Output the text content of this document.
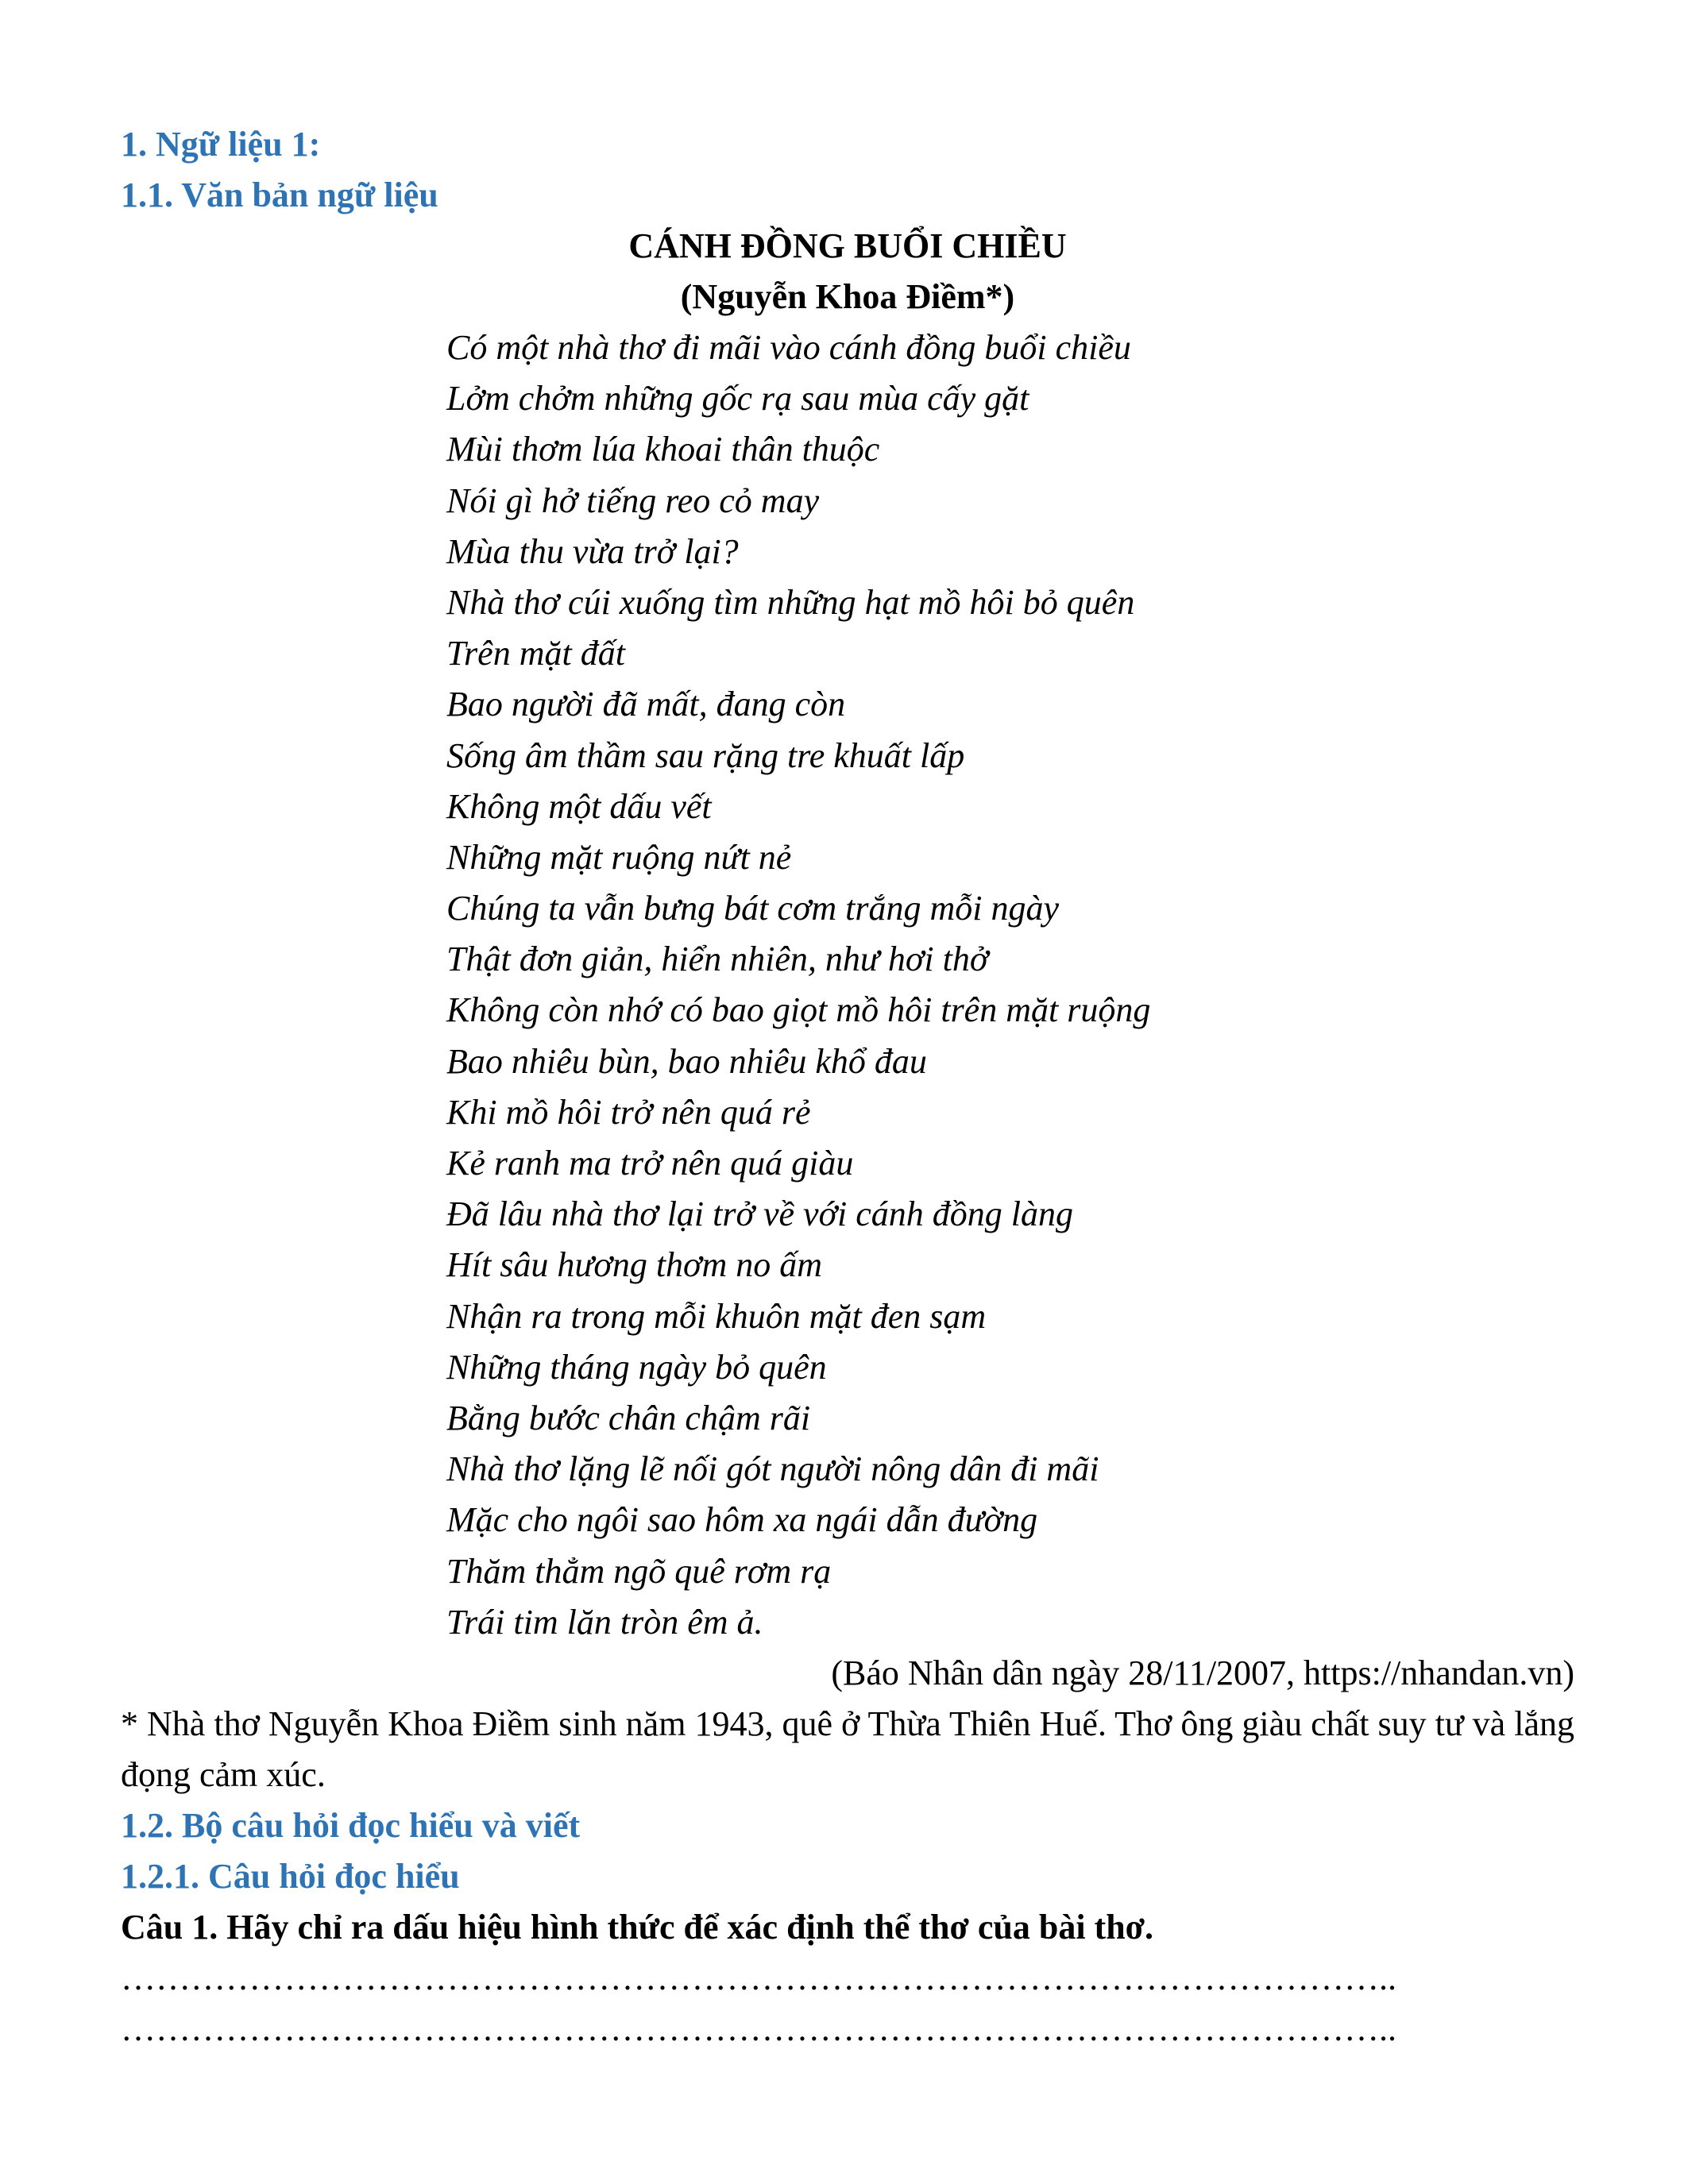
1. Ngữ liệu 1:
1.1. Văn bản ngữ liệu
CÁNH ĐỒNG BUỔI CHIỀU
(Nguyễn Khoa Điềm*)
Có một nhà thơ đi mãi vào cánh đồng buổi chiều
Lởm chởm những gốc rạ sau mùa cấy gặt
Mùi thơm lúa khoai thân thuộc
Nói gì hở tiếng reo cỏ may
Mùa thu vừa trở lại?
Nhà thơ cúi xuống tìm những hạt mồ hôi bỏ quên
Trên mặt đất
Bao người đã mất, đang còn
Sống âm thầm sau rặng tre khuất lấp
Không một dấu vết
Những mặt ruộng nứt nẻ
Chúng ta vẫn bưng bát cơm trắng mỗi ngày
Thật đơn giản, hiển nhiên, như hơi thở
Không còn nhớ có bao giọt mồ hôi trên mặt ruộng
Bao nhiêu bùn, bao nhiêu khổ đau
Khi mồ hôi trở nên quá rẻ
Kẻ ranh ma trở nên quá giàu
Đã lâu nhà thơ lại trở về với cánh đồng làng
Hít sâu hương thơm no ấm
Nhận ra trong mỗi khuôn mặt đen sạm
Những tháng ngày bỏ quên
Bằng bước chân chậm rãi
Nhà thơ lặng lẽ nối gót người nông dân đi mãi
Mặc cho ngôi sao hôm xa ngái dẫn đường
Thăm thẳm ngõ quê rơm rạ
Trái tim lăn tròn êm ả.
(Báo Nhân dân ngày 28/11/2007, https://nhandan.vn)
* Nhà thơ Nguyễn Khoa Điềm sinh năm 1943, quê ở Thừa Thiên Huế. Thơ ông giàu chất suy tư và lắng đọng cảm xúc.
1.2. Bộ câu hỏi đọc hiểu và viết
1.2.1. Câu hỏi đọc hiểu
Câu 1. Hãy chỉ ra dấu hiệu hình thức để xác định thể thơ của bài thơ.
………………………………………………………………………………………………..
………………………………………………………………………………………………..
